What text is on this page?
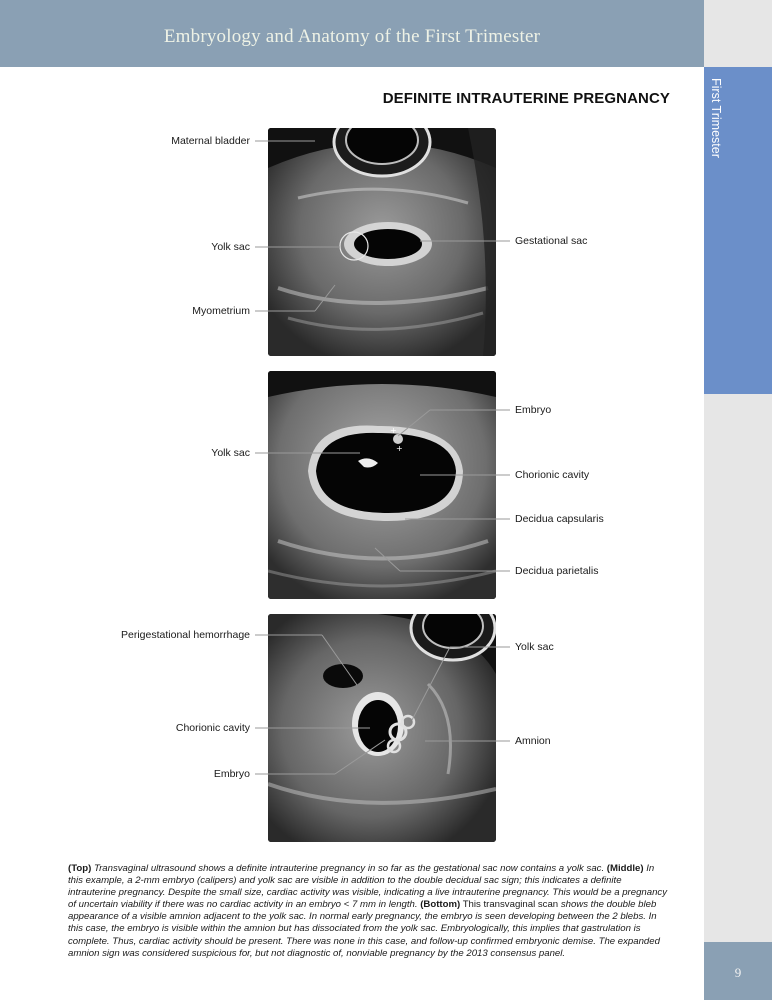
Embryology and Anatomy of the First Trimester
First Trimester
9
DEFINITE INTRAUTERINE PREGNANCY
+
+
Maternal bladder
Yolk sac
Myometrium
Gestational sac
Yolk sac
Embryo
Chorionic cavity
Decidua capsularis
Decidua parietalis
Perigestational hemorrhage
Chorionic cavity
Embryo
Yolk sac
Amnion
(Top) Transvaginal ultrasound shows a definite intrauterine pregnancy in so far as the gestational sac now contains a yolk sac. (Middle) In this example, a 2-mm embryo (calipers) and yolk sac are visible in addition to the double decidual sac sign; this indicates a definite intrauterine pregnancy. Despite the small size, cardiac activity was visible, indicating a live intrauterine pregnancy. This would be a pregnancy of uncertain viability if there was no cardiac activity in an embryo < 7 mm in length. (Bottom) This transvaginal scan shows the double bleb appearance of a visible amnion adjacent to the yolk sac. In normal early pregnancy, the embryo is seen developing between the 2 blebs. In this case, the embryo is visible within the amnion but has dissociated from the yolk sac. Embryologically, this implies that gastrulation is complete. Thus, cardiac activity should be present. There was none in this case, and follow-up confirmed embryonic demise. The expanded amnion sign was considered suspicious for, but not diagnostic of, nonviable pregnancy by the 2013 consensus panel.
